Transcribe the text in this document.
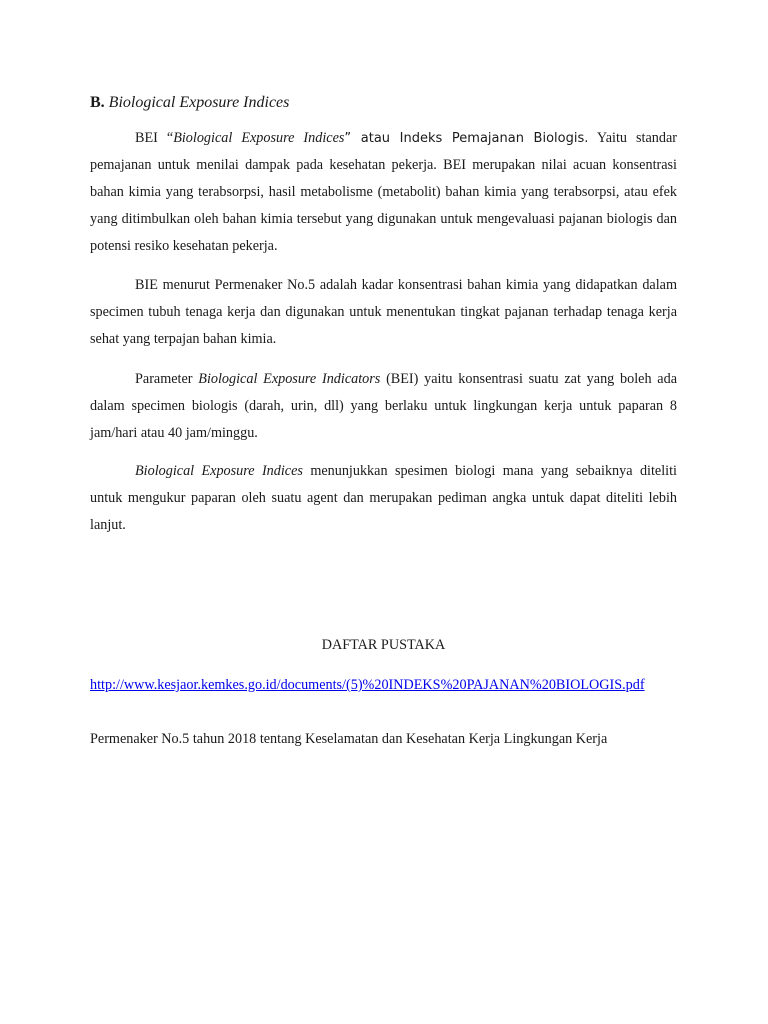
B. Biological Exposure Indices

BEI “Biological Exposure Indices” atau Indeks Pemajanan Biologis. Yaitu standar pemajanan untuk menilai dampak pada kesehatan pekerja. BEI merupakan nilai acuan konsentrasi bahan kimia yang terabsorpsi, hasil metabolisme (metabolit) bahan kimia yang terabsorpsi, atau efek yang ditimbulkan oleh bahan kimia tersebut yang digunakan untuk mengevaluasi pajanan biologis dan potensi resiko kesehatan pekerja.

BIE menurut Permenaker No.5 adalah kadar konsentrasi bahan kimia yang didapatkan dalam specimen tubuh tenaga kerja dan digunakan untuk menentukan tingkat pajanan terhadap tenaga kerja sehat yang terpajan bahan kimia.

Parameter Biological Exposure Indicators (BEI) yaitu konsentrasi suatu zat yang boleh ada dalam specimen biologis (darah, urin, dll) yang berlaku untuk lingkungan kerja untuk paparan 8 jam/hari atau 40 jam/minggu.

Biological Exposure Indices menunjukkan spesimen biologi mana yang sebaiknya diteliti untuk mengukur paparan oleh suatu agent dan merupakan pediman angka untuk dapat diteliti lebih lanjut.

DAFTAR PUSTAKA
http://www.kesjaor.kemkes.go.id/documents/(5)%20INDEKS%20PAJANAN%20BIOLOGIS.pdf
Permenaker No.5 tahun 2018 tentang Keselamatan dan Kesehatan Kerja Lingkungan Kerja
